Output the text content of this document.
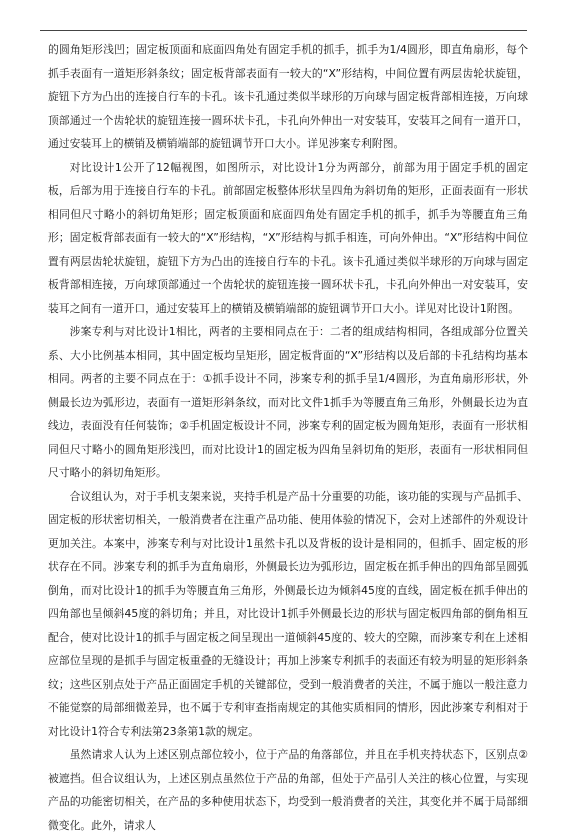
的圆角矩形浅凹；固定板顶面和底面四角处有固定手机的抓手，抓手为1/4圆形，即直角扇形，每个抓手表面有一道矩形斜条纹；固定板背部表面有一较大的“X”形结构，中间位置有两层齿轮状旋钮，旋钮下方为凸出的连接自行车的卡孔。该卡孔通过类似半球形的万向球与固定板背部相连接，万向球顶部通过一个齿轮状的旋钮连接一圆环状卡孔，卡孔向外伸出一对安装耳，安装耳之间有一道开口，通过安装耳上的横销及横销端部的旋钮调节开口大小。详见涉案专利附图。

对比设计1公开了12幅视图，如图所示，对比设计1分为两部分，前部为用于固定手机的固定板，后部为用于连接自行车的卡孔。前部固定板整体形状呈四角为斜切角的矩形，正面表面有一形状相同但尺寸略小的斜切角矩形；固定板顶面和底面四角处有固定手机的抓手，抓手为等腰直角三角形；固定板背部表面有一较大的“X”形结构，“X”形结构与抓手相连，可向外伸出。“X”形结构中间位置有两层齿轮状旋钮，旋钮下方为凸出的连接自行车的卡孔。该卡孔通过类似半球形的万向球与固定板背部相连接，万向球顶部通过一个齿轮状的旋钮连接一圆环状卡孔，卡孔向外伸出一对安装耳，安装耳之间有一道开口，通过安装耳上的横销及横销端部的旋钮调节开口大小。详见对比设计1附图。

涉案专利与对比设计1相比，两者的主要相同点在于：二者的组成结构相同，各组成部分位置关系、大小比例基本相同，其中固定板均呈矩形，固定板背面的“X”形结构以及后部的卡孔结构均基本相同。两者的主要不同点在于：①抓手设计不同，涉案专利的抓手呈1/4圆形，为直角扇形形状，外侧最长边为弧形边，表面有一道矩形斜条纹，而对比文件1抓手为等腰直角三角形，外侧最长边为直线边，表面没有任何装饰；②手机固定板设计不同，涉案专利的固定板为圆角矩形，表面有一形状相同但尺寸略小的圆角矩形浅凹，而对比设计1的固定板为四角呈斜切角的矩形，表面有一形状相同但尺寸略小的斜切角矩形。

合议组认为，对于手机支架来说，夹持手机是产品十分重要的功能，该功能的实现与产品抓手、固定板的形状密切相关，一般消费者在注重产品功能、使用体验的情况下，会对上述部件的外观设计更加关注。本案中，涉案专利与对比设计1虽然卡孔以及背板的设计是相同的，但抓手、固定板的形状存在不同。涉案专利的抓手为直角扇形，外侧最长边为弧形边，固定板在抓手伸出的四角部呈圆弧倒角，而对比设计1的抓手为等腰直角三角形，外侧最长边为倾斜45度的直线，固定板在抓手伸出的四角部也呈倾斜45度的斜切角；并且，对比设计1抓手外侧最长边的形状与固定板四角部的倒角相互配合，使对比设计1的抓手与固定板之间呈现出一道倾斜45度的、较大的空隙，而涉案专利在上述相应部位呈现的是抓手与固定板重叠的无缝设计；再加上涉案专利抓手的表面还有较为明显的矩形斜条纹；这些区别点处于产品正面固定手机的关键部位，受到一般消费者的关注，不属于施以一般注意力不能觉察的局部细微差异，也不属于专利审查指南规定的其他实质相同的情形，因此涉案专利相对于对比设计1符合专利法第23条第1款的规定。

虽然请求人认为上述区别点部位较小，位于产品的角落部位，并且在手机夹持状态下，区别点②被遮挡。但合议组认为，上述区别点虽然位于产品的角部，但处于产品引人关注的核心位置，与实现产品的功能密切相关，在产品的多种使用状态下，均受到一般消费者的关注，其变化并不属于局部细微变化。此外，请求人
